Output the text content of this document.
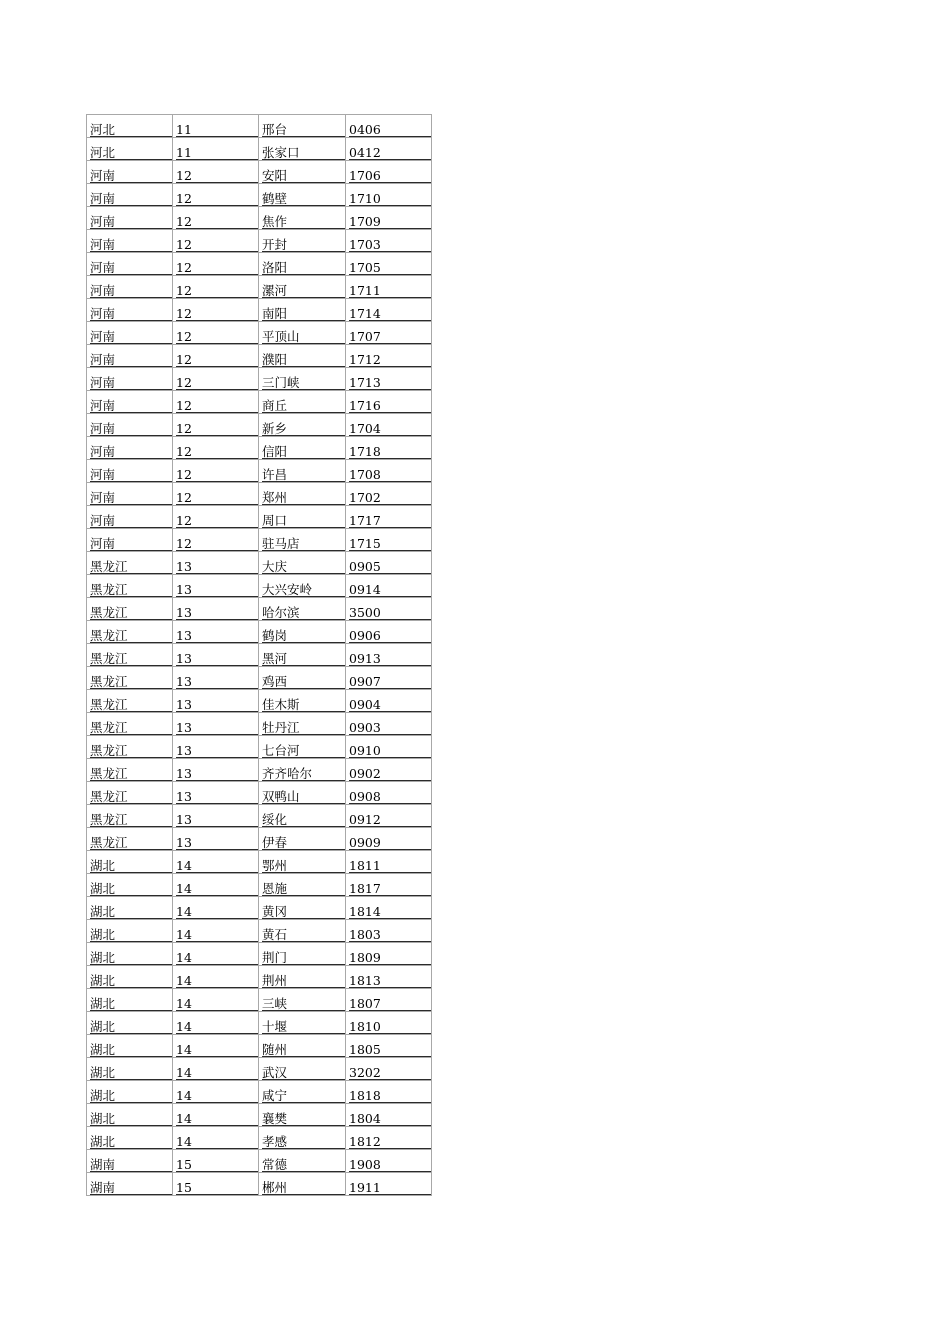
河北	11	邢台	0406

河北	11	张家口	0412

河南	12	安阳	1706

河南	12	鹤壁	1710

河南	12	焦作	1709

河南	12	开封	1703

河南	12	洛阳	1705

河南	12	漯河	1711

河南	12	南阳	1714

河南	12	平顶山	1707

河南	12	濮阳	1712

河南	12	三门峡	1713

河南	12	商丘	1716

河南	12	新乡	1704

河南	12	信阳	1718

河南	12	许昌	1708

河南	12	郑州	1702

河南	12	周口	1717

河南	12	驻马店	1715

黑龙江	13	大庆	0905

黑龙江	13	大兴安岭	0914

黑龙江	13	哈尔滨	3500

黑龙江	13	鹤岗	0906

黑龙江	13	黑河	0913

黑龙江	13	鸡西	0907

黑龙江	13	佳木斯	0904

黑龙江	13	牡丹江	0903

黑龙江	13	七台河	0910

黑龙江	13	齐齐哈尔	0902

黑龙江	13	双鸭山	0908

黑龙江	13	绥化	0912

黑龙江	13	伊春	0909

湖北	14	鄂州	1811

湖北	14	恩施	1817

湖北	14	黄冈	1814

湖北	14	黄石	1803

湖北	14	荆门	1809

湖北	14	荆州	1813

湖北	14	三峡	1807

湖北	14	十堰	1810

湖北	14	随州	1805

湖北	14	武汉	3202

湖北	14	咸宁	1818

湖北	14	襄樊	1804

湖北	14	孝感	1812

湖南	15	常德	1908

湖南	15	郴州	1911
